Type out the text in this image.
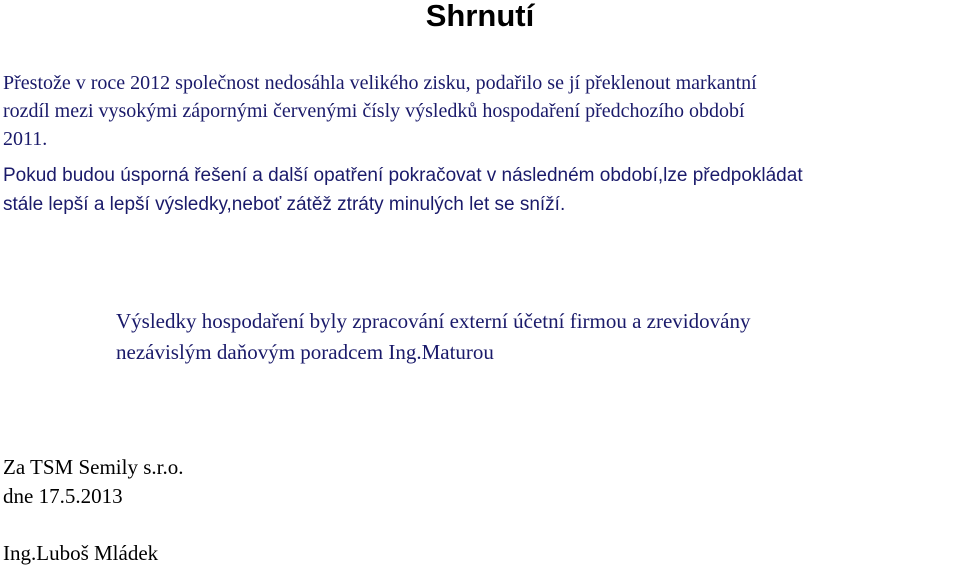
Shrnutí

Přestože v roce 2012 společnost nedosáhla velikého zisku, podařilo se jí překlenout markantní

rozdíl mezi vysokými zápornými červenými čísly výsledků hospodaření předchozího období

2011.

Pokud budou úsporná řešení a další opatření pokračovat v následném období,lze předpokládat

stále lepší a lepší výsledky,neboť zátěž ztráty minulých let se sníží.

Výsledky hospodaření byly zpracování externí účetní firmou a zrevidovány

nezávislým daňovým poradcem Ing.Maturou

Za TSM Semily s.r.o.
dne 17.5.2013
Ing.Luboš Mládek
